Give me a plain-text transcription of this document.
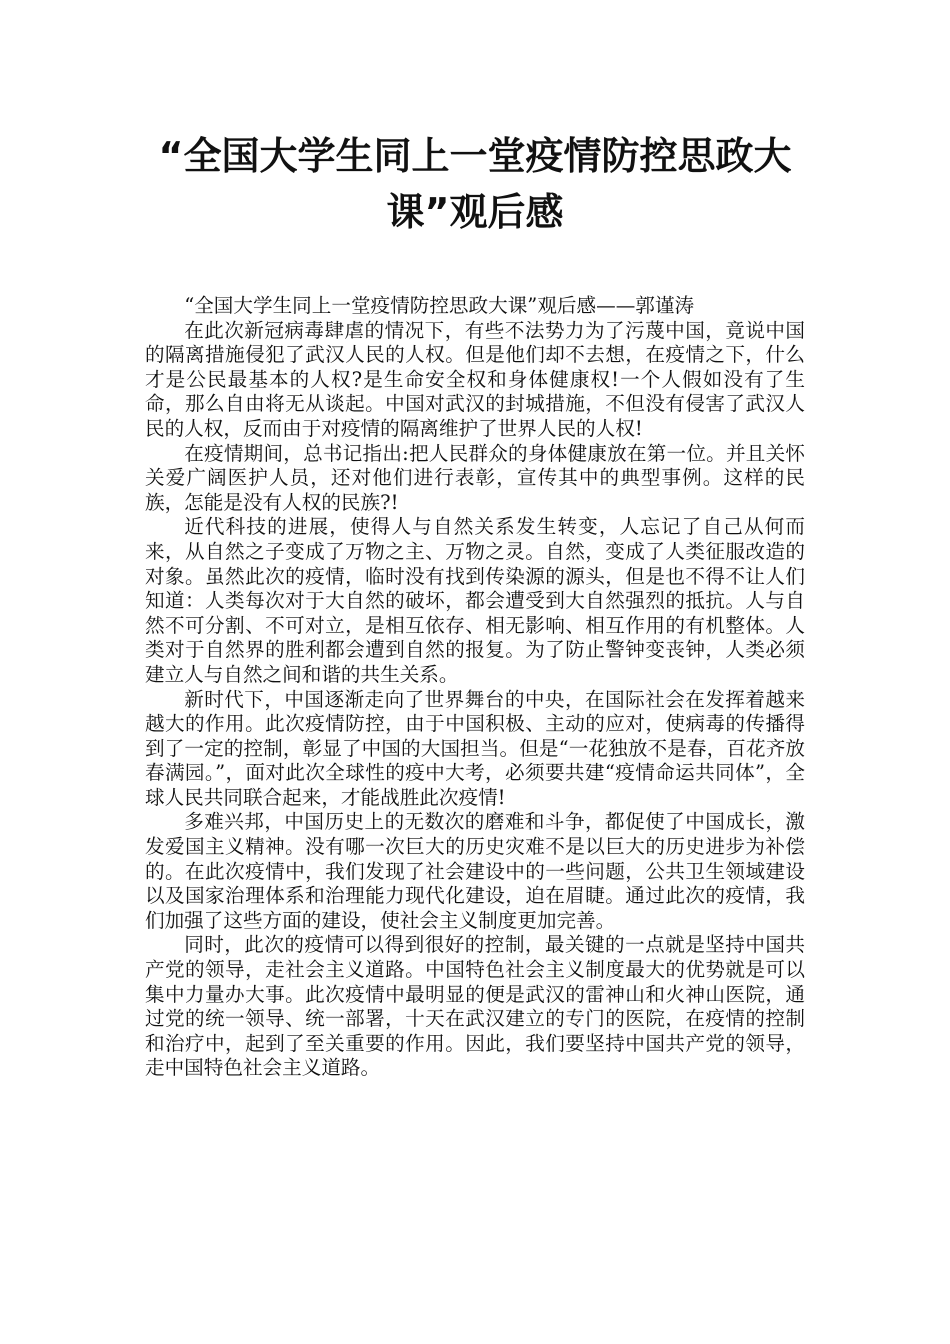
“全国大学生同上一堂疫情防控思政大课”观后感

“全国大学生同上一堂疫情防控思政大课”观后感——郭谨涛

在此次新冠病毒肆虐的情况下，有些不法势力为了污蔑中国，竟说中国的隔离措施侵犯了武汉人民的人权。但是他们却不去想，在疫情之下，什么才是公民最基本的人权?是生命安全权和身体健康权!一个人假如没有了生命，那么自由将无从谈起。中国对武汉的封城措施，不但没有侵害了武汉人民的人权，反而由于对疫情的隔离维护了世界人民的人权!

在疫情期间，总书记指出:把人民群众的身体健康放在第一位。并且关怀关爱广阔医护人员，还对他们进行表彰，宣传其中的典型事例。这样的民族，怎能是没有人权的民族?!

近代科技的进展，使得人与自然关系发生转变，人忘记了自己从何而来，从自然之子变成了万物之主、万物之灵。自然，变成了人类征服改造的对象。虽然此次的疫情，临时没有找到传染源的源头，但是也不得不让人们知道：人类每次对于大自然的破坏，都会遭受到大自然强烈的抵抗。人与自然不可分割、不可对立，是相互依存、相无影响、相互作用的有机整体。人类对于自然界的胜利都会遭到自然的报复。为了防止警钟变丧钟，人类必须建立人与自然之间和谐的共生关系。

新时代下，中国逐渐走向了世界舞台的中央，在国际社会在发挥着越来越大的作用。此次疫情防控，由于中国积极、主动的应对，使病毒的传播得到了一定的控制，彰显了中国的大国担当。但是“一花独放不是春，百花齐放春满园。”，面对此次全球性的疫中大考，必须要共建“疫情命运共同体”，全球人民共同联合起来，才能战胜此次疫情!

多难兴邦，中国历史上的无数次的磨难和斗争，都促使了中国成长，激发爱国主义精神。没有哪一次巨大的历史灾难不是以巨大的历史进步为补偿的。在此次疫情中，我们发现了社会建设中的一些问题，公共卫生领域建设以及国家治理体系和治理能力现代化建设，迫在眉睫。通过此次的疫情，我们加强了这些方面的建设，使社会主义制度更加完善。

同时，此次的疫情可以得到很好的控制，最关键的一点就是坚持中国共产党的领导，走社会主义道路。中国特色社会主义制度最大的优势就是可以集中力量办大事。此次疫情中最明显的便是武汉的雷神山和火神山医院，通过党的统一领导、统一部署，十天在武汉建立的专门的医院，在疫情的控制和治疗中，起到了至关重要的作用。因此，我们要坚持中国共产党的领导，走中国特色社会主义道路。
